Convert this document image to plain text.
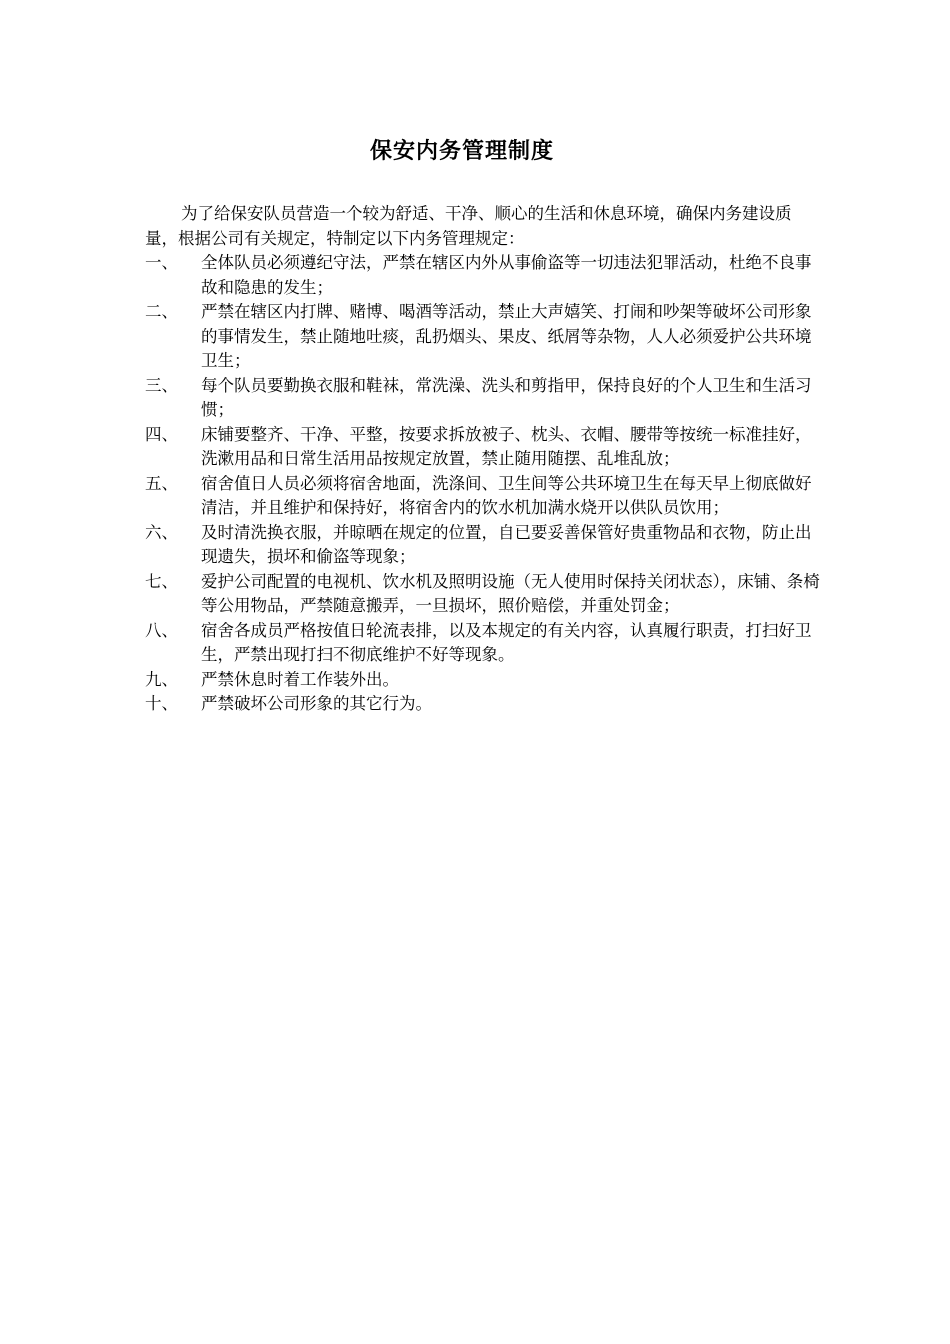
保安内务管理制度

为了给保安队员营造一个较为舒适、干净、顺心的生活和休息环境，确保内务建设质量，根据公司有关规定，特制定以下内务管理规定：

一、	全体队员必须遵纪守法，严禁在辖区内外从事偷盗等一切违法犯罪活动，杜绝不良事故和隐患的发生；
二、	严禁在辖区内打牌、赌博、喝酒等活动，禁止大声嬉笑、打闹和吵架等破坏公司形象的事情发生，禁止随地吐痰，乱扔烟头、果皮、纸屑等杂物，人人必须爱护公共环境卫生；
三、	每个队员要勤换衣服和鞋袜，常洗澡、洗头和剪指甲，保持良好的个人卫生和生活习惯；
四、	床铺要整齐、干净、平整，按要求拆放被子、枕头、衣帽、腰带等按统一标准挂好，洗漱用品和日常生活用品按规定放置，禁止随用随摆、乱堆乱放；
五、	宿舍值日人员必须将宿舍地面，洗涤间、卫生间等公共环境卫生在每天早上彻底做好清洁，并且维护和保持好，将宿舍内的饮水机加满水烧开以供队员饮用；
六、	及时清洗换衣服，并晾晒在规定的位置，自已要妥善保管好贵重物品和衣物，防止出现遗失，损坏和偷盗等现象；
七、	爱护公司配置的电视机、饮水机及照明设施（无人使用时保持关闭状态），床铺、条椅等公用物品，严禁随意搬弄，一旦损坏，照价赔偿，并重处罚金；
八、	宿舍各成员严格按值日轮流表排，以及本规定的有关内容，认真履行职责，打扫好卫生，严禁出现打扫不彻底维护不好等现象。
九、	严禁休息时着工作装外出。
十、	严禁破坏公司形象的其它行为。
